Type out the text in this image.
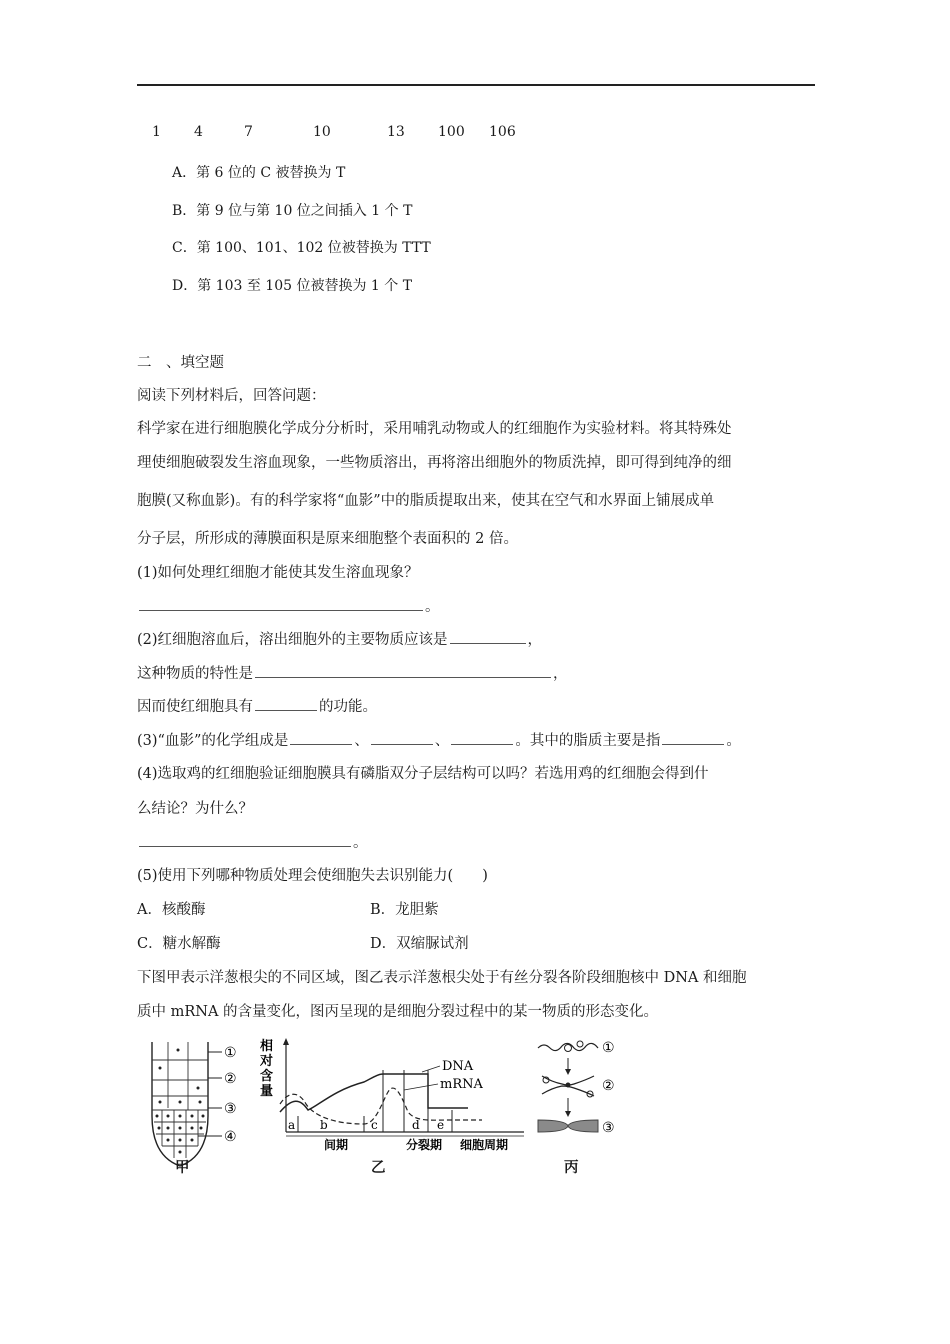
1 4	7	10	13 100 106
A．第 6 位的 C 被替换为 T
B．第 9 位与第 10 位之间插入 1 个 T
C．第 100、101、102 位被替换为 TTT
D．第 103 至 105 位被替换为 1 个 T
二　、填空题
阅读下列材料后，回答问题：
科学家在进行细胞膜化学成分分析时，采用哺乳动物或人的红细胞作为实验材料。将其特殊处
理使细胞破裂发生溶血现象，一些物质溶出，再将溶出细胞外的物质洗掉，即可得到纯净的细
胞膜(又称血影)。有的科学家将“血影”中的脂质提取出来，使其在空气和水界面上铺展成单
分子层，所形成的薄膜面积是原来细胞整个表面积的 2 倍。
(1)如何处理红细胞才能使其发生溶血现象？
。
(2)红细胞溶血后，溶出细胞外的主要物质应该是	，
这种物质的特性是	，
因而使红细胞具有	的功能。
(3)“血影”的化学组成是	、	、	。其中的脂质主要是指	。
(4)选取鸡的红细胞验证细胞膜具有磷脂双分子层结构可以吗？若选用鸡的红细胞会得到什
么结论？为什么？
。
(5)使用下列哪种物质处理会使细胞失去识别能力(　　)
A．核酸酶	B．龙胆紫
C．糖水解酶	D．双缩脲试剂
下图甲表示洋葱根尖的不同区域，图乙表示洋葱根尖处于有丝分裂各阶段细胞核中 DNA 和细胞
质中 mRNA 的含量变化，图丙呈现的是细胞分裂过程中的某一物质的形态变化。
①
②
③
④
甲
相
对
含
量
DNA
mRNA
a b	c	d e
间期	分裂期 细胞周期
乙
①
②
③
丙
